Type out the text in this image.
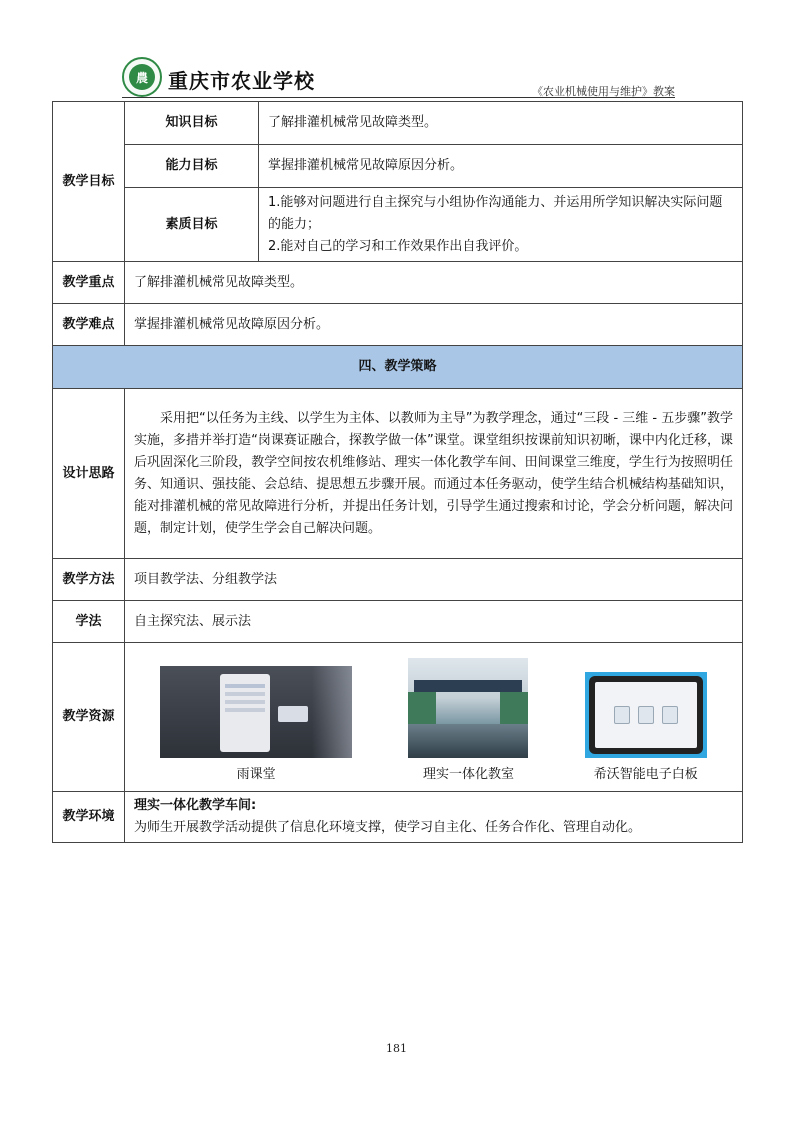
農 重庆市农业学校	《农业机械使用与维护》教案
教学目标	知识目标	了解排灌机械常见故障类型。
	能力目标	掌握排灌机械常见故障原因分析。
	素质目标	1.能够对问题进行自主探究与小组协作沟通能力、并运用所学知识解决实际问题的能力；
2.能对自己的学习和工作效果作出自我评价。

教学重点	了解排灌机械常见故障类型。	
教学难点	掌握排灌机械常见故障原因分析。	
四、教学策略		
设计思路	采用把“以任务为主线、以学生为主体、以教师为主导”为教学理念，通过“三段 - 三维 - 五步骤”教学实施，多措并举打造“岗课赛证融合，探教学做一体”课堂。课堂组织按课前知识初晰，课中内化迁移，课后巩固深化三阶段，教学空间按农机维修站、理实一体化教学车间、田间课堂三维度，学生行为按照明任务、知通识、强技能、会总结、提思想五步骤开展。而通过本任务驱动，使学生结合机械结构基础知识，能对排灌机械的常见故障进行分析，并提出任务计划，引导学生通过搜索和讨论，学会分析问题，解决问题，制定计划，使学生学会自己解决问题。	
教学方法	项目教学法、分组教学法	
学法	自主探究法、展示法	
教学资源	雨课堂 理实一体化教室 希沃智能电子白板	

教学环境	理实一体化教学车间:
为师生开展教学活动提供了信息化环境支撑，使学习自主化、任务合作化、管理自动化。	
181
